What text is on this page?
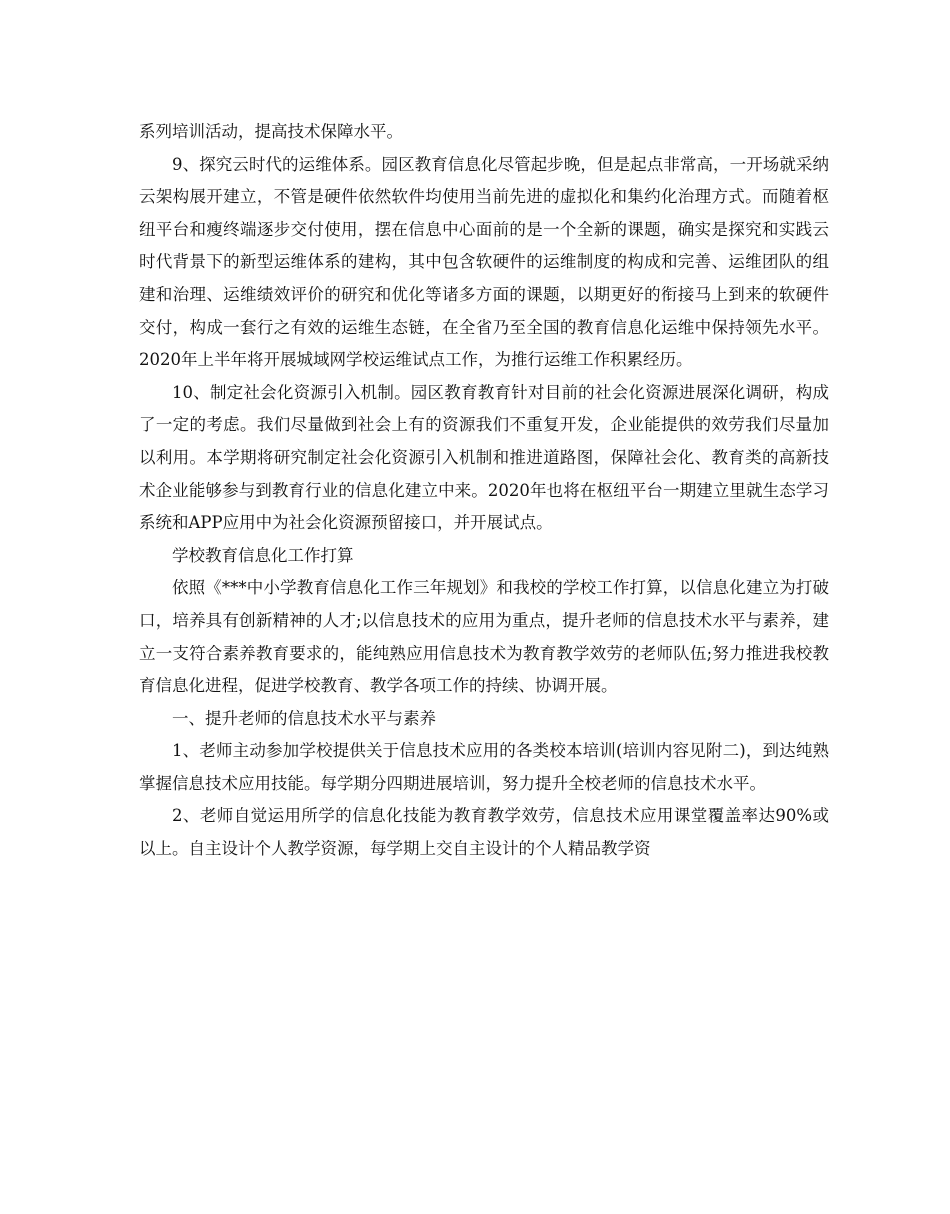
系列培训活动，提高技术保障水平。

9、探究云时代的运维体系。园区教育信息化尽管起步晚，但是起点非常高，一开场就采纳云架构展开建立，不管是硬件依然软件均使用当前先进的虚拟化和集约化治理方式。而随着枢纽平台和瘦终端逐步交付使用，摆在信息中心面前的是一个全新的课题，确实是探究和实践云时代背景下的新型运维体系的建构，其中包含软硬件的运维制度的构成和完善、运维团队的组建和治理、运维绩效评价的研究和优化等诸多方面的课题，以期更好的衔接马上到来的软硬件交付，构成一套行之有效的运维生态链，在全省乃至全国的教育信息化运维中保持领先水平。2020年上半年将开展城域网学校运维试点工作，为推行运维工作积累经历。

10、制定社会化资源引入机制。园区教育教育针对目前的社会化资源进展深化调研，构成了一定的考虑。我们尽量做到社会上有的资源我们不重复开发，企业能提供的效劳我们尽量加以利用。本学期将研究制定社会化资源引入机制和推进道路图，保障社会化、教育类的高新技术企业能够参与到教育行业的信息化建立中来。2020年也将在枢纽平台一期建立里就生态学习系统和APP应用中为社会化资源预留接口，并开展试点。

学校教育信息化工作打算

依照《***中小学教育信息化工作三年规划》和我校的学校工作打算，以信息化建立为打破口，培养具有创新精神的人才;以信息技术的应用为重点，提升老师的信息技术水平与素养，建立一支符合素养教育要求的，能纯熟应用信息技术为教育教学效劳的老师队伍;努力推进我校教育信息化进程，促进学校教育、教学各项工作的持续、协调开展。

一、提升老师的信息技术水平与素养

1、老师主动参加学校提供关于信息技术应用的各类校本培训(培训内容见附二)，到达纯熟掌握信息技术应用技能。每学期分四期进展培训，努力提升全校老师的信息技术水平。

2、老师自觉运用所学的信息化技能为教育教学效劳，信息技术应用课堂覆盖率达90%或以上。自主设计个人教学资源，每学期上交自主设计的个人精品教学资
